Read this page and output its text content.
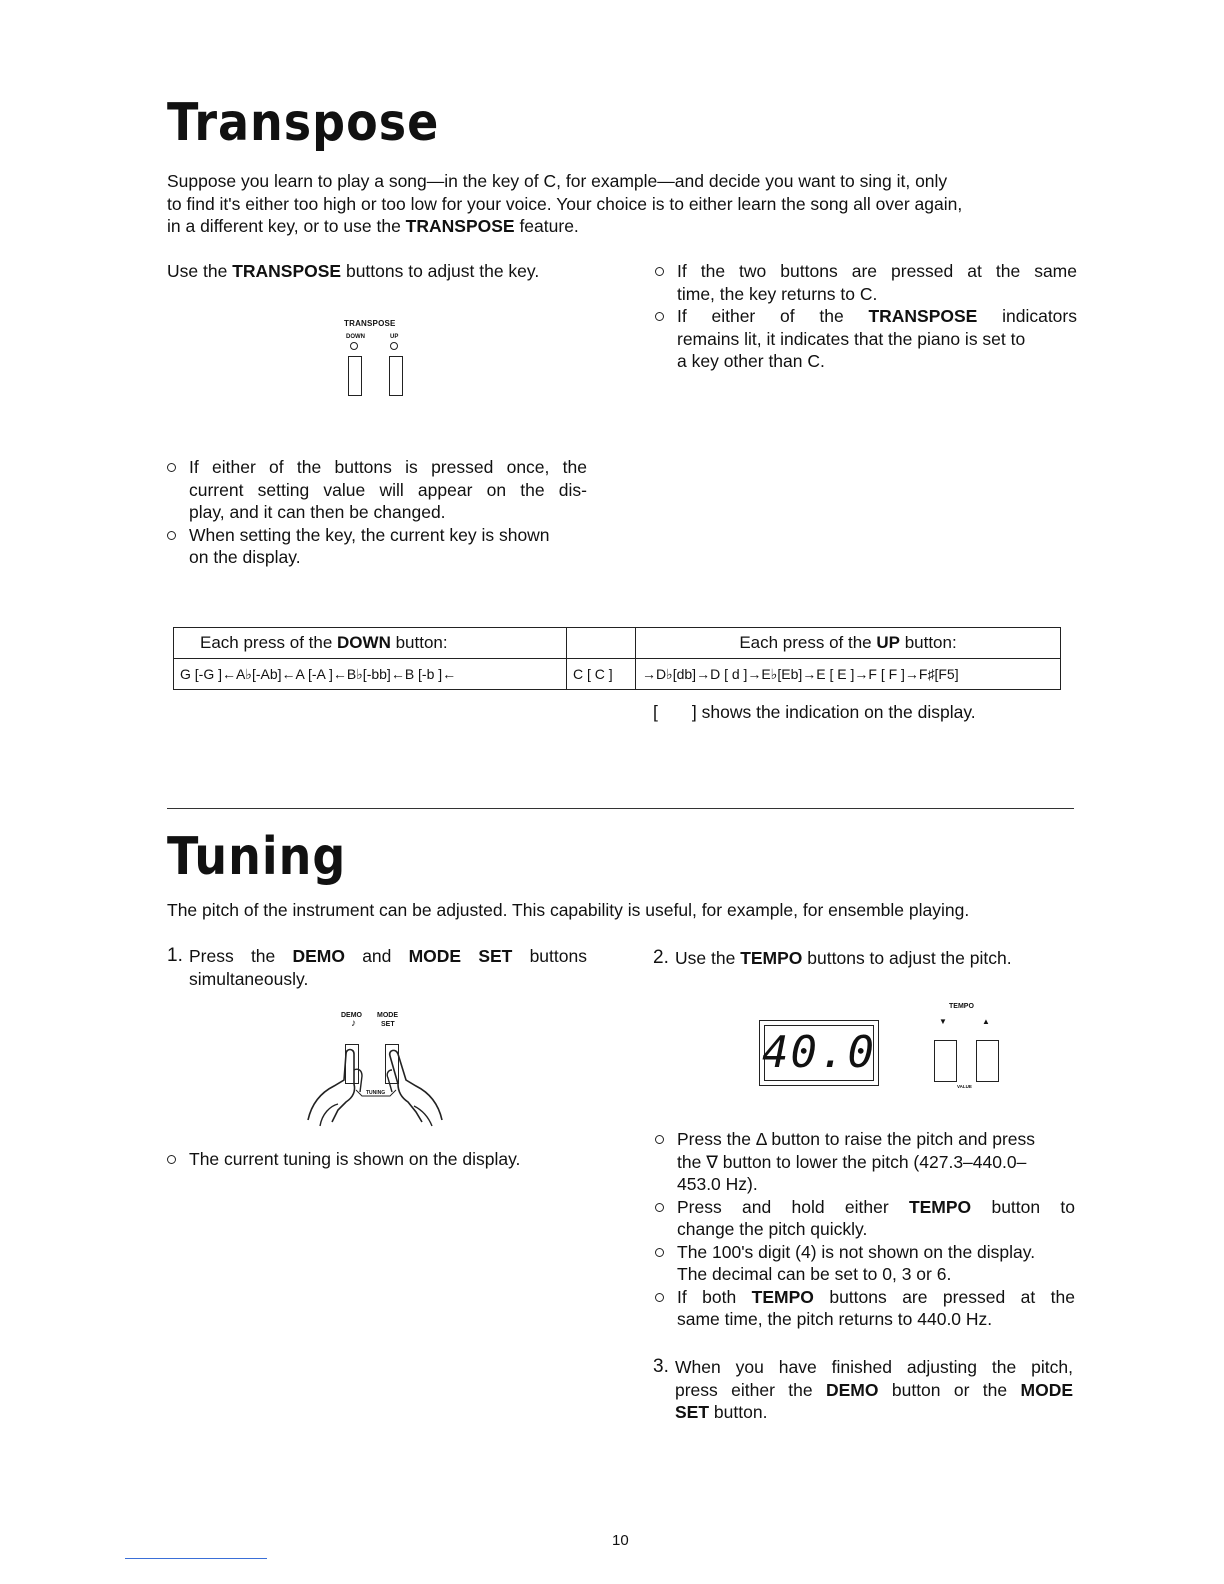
Transpose
Suppose you learn to play a song—in the key of C, for example—and decide you want to sing it, only
to find it's either too high or too low for your voice. Your choice is to either learn the song all over again,
in a different key, or to use the TRANSPOSE feature.
Use the TRANSPOSE buttons to adjust the key.
TRANSPOSE
DOWN	UP
If the two buttons are pressed at the same
time, the key returns to C.
If either of the TRANSPOSE indicators
remains lit, it indicates that the piano is set to
a key other than C.
If either of the buttons is pressed once, the
current setting value will appear on the dis-
play, and it can then be changed.
When setting the key, the current key is shown
on the display.
Each press of the DOWN button:		Each press of the UP button:
G [-G ]←A♭[-Ab]←A [-A ]←B♭[-bb]←B [-b ]←	C [ C ]	→D♭[db]→D [ d ]→E♭[Eb]→E [ E ]→F [ F ]→F♯[F5]
[       ] shows the indication on the display.
Tuning
The pitch of the instrument can be adjusted. This capability is useful, for example, for ensemble playing.
1. Press the DEMO and MODE SET buttons
simultaneously.
DEMO MODE
SET
♪
TUNING
The current tuning is shown on the display.
2. Use the TEMPO buttons to adjust the pitch.
40.0
TEMPO
▼	▲
VALUE
Press the Δ button to raise the pitch and press
the ∇ button to lower the pitch (427.3–440.0–
453.0 Hz).
Press and hold either TEMPO button to
change the pitch quickly.
The 100's digit (4) is not shown on the display.
The decimal can be set to 0, 3 or 6.
If both TEMPO buttons are pressed at the
same time, the pitch returns to 440.0 Hz.
3. When you have finished adjusting the pitch,
press either the DEMO button or the MODE
SET button.
10
